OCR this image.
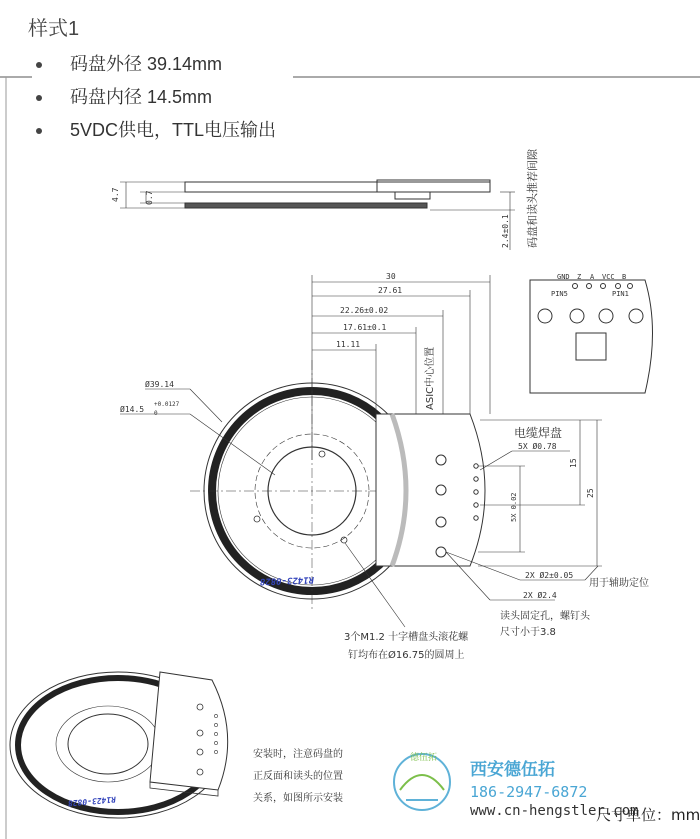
样式1
码盘外径 39.14mm
码盘内径 14.5mm
5VDC供电，TTL电压输出
4.7	0.7
2.4±0.1 码盘和读头推荐间隙
GND Z A VCC B
PIN5	PIN1
30
27.61
22.26±0.02
17.61±0.1
11.11
ASIC中心位置
Ø39.14
Ø14.5
+0.0127
0
R1423-0828
电缆焊盘
5X Ø0.78
15
25
5X 0.02
2X Ø2±0.05
用于辅助定位
2X Ø2.4
读头固定孔，螺钉头
尺寸小于3.8
3个M1.2 十字槽盘头滚花螺
钉均布在Ø16.75的圆周上
R1423-0828
安装时，注意码盘的
正反面和读头的位置
关系，如图所示安装
德伍拓
西安德伍拓
186-2947-6872
www.cn-hengstler.com
尺寸单位：mm
